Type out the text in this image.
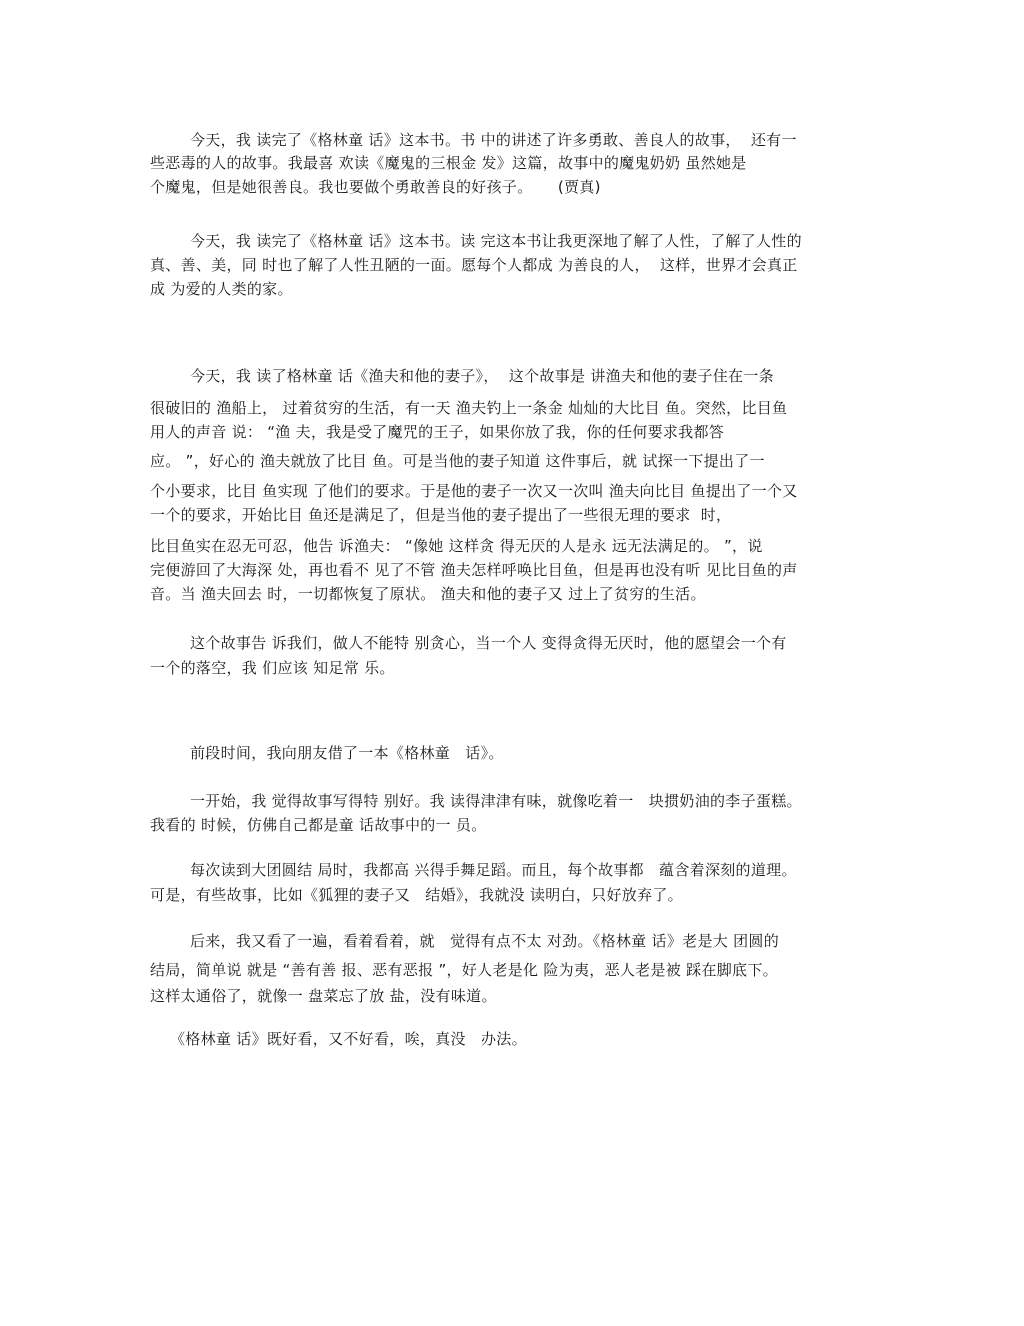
今天，我 读完了《格林童 话》这本书。书 中的讲述了许多勇敢、善良人的故事，  还有一
些恶毒的人的故事。我最喜 欢读《魔鬼的三根金 发》这篇，故事中的魔鬼奶奶 虽然她是
个魔鬼，但是她很善良。我也要做个勇敢善良的好孩子。     (贾真)
今天，我 读完了《格林童 话》这本书。读 完这本书让我更深地了解了人性，了解了人性的
真、善、美，同 时也了解了人性丑陋的一面。愿每个人都成 为善良的人，  这样，世界才会真正
成 为爱的人类的家。
今天，我 读了格林童 话《渔夫和他的妻子》，  这个故事是 讲渔夫和他的妻子住在一条
很破旧的 渔船上， 过着贫穷的生活，有一天 渔夫钓上一条金 灿灿的大比目 鱼。突然，比目鱼
用人的声音 说： “渔 夫，我是受了魔咒的王子，如果你放了我，你的任何要求我都答
应。 ”，好心的 渔夫就放了比目 鱼。可是当他的妻子知道 这件事后，就 试探一下提出了一
个小要求，比目 鱼实现 了他们的要求。于是他的妻子一次又一次叫 渔夫向比目 鱼提出了一个又
一个的要求，开始比目 鱼还是满足了，但是当他的妻子提出了一些很无理的要求  时，
比目鱼实在忍无可忍，他告 诉渔夫： “像她 这样贪 得无厌的人是永 远无法满足的。 ”，说
完便游回了大海深 处，再也看不 见了不管 渔夫怎样呼唤比目鱼，但是再也没有听 见比目鱼的声
音。当 渔夫回去 时，一切都恢复了原状。 渔夫和他的妻子又 过上了贫穷的生活。
这个故事告 诉我们，做人不能特 别贪心，当一个人 变得贪得无厌时，他的愿望会一个有
一个的落空，我 们应该 知足常 乐。
前段时间，我向朋友借了一本《格林童   话》。
一开始，我 觉得故事写得特 别好。我 读得津津有味，就像吃着一   块掼奶油的李子蛋糕。
我看的 时候，仿佛自己都是童 话故事中的一 员。
每次读到大团圆结 局时，我都高 兴得手舞足蹈。而且，每个故事都   蕴含着深刻的道理。
可是，有些故事，比如《狐狸的妻子又   结婚》，我就没 读明白，只好放弃了。
后来，我又看了一遍，看着看着，就   觉得有点不太 对劲。《格林童 话》老是大 团圆的
结局，简单说 就是 “善有善 报、恶有恶报 ”，好人老是化 险为夷，恶人老是被 踩在脚底下。
这样太通俗了，就像一 盘菜忘了放 盐，没有味道。
《格林童 话》既好看，又不好看，唉，真没   办法。
